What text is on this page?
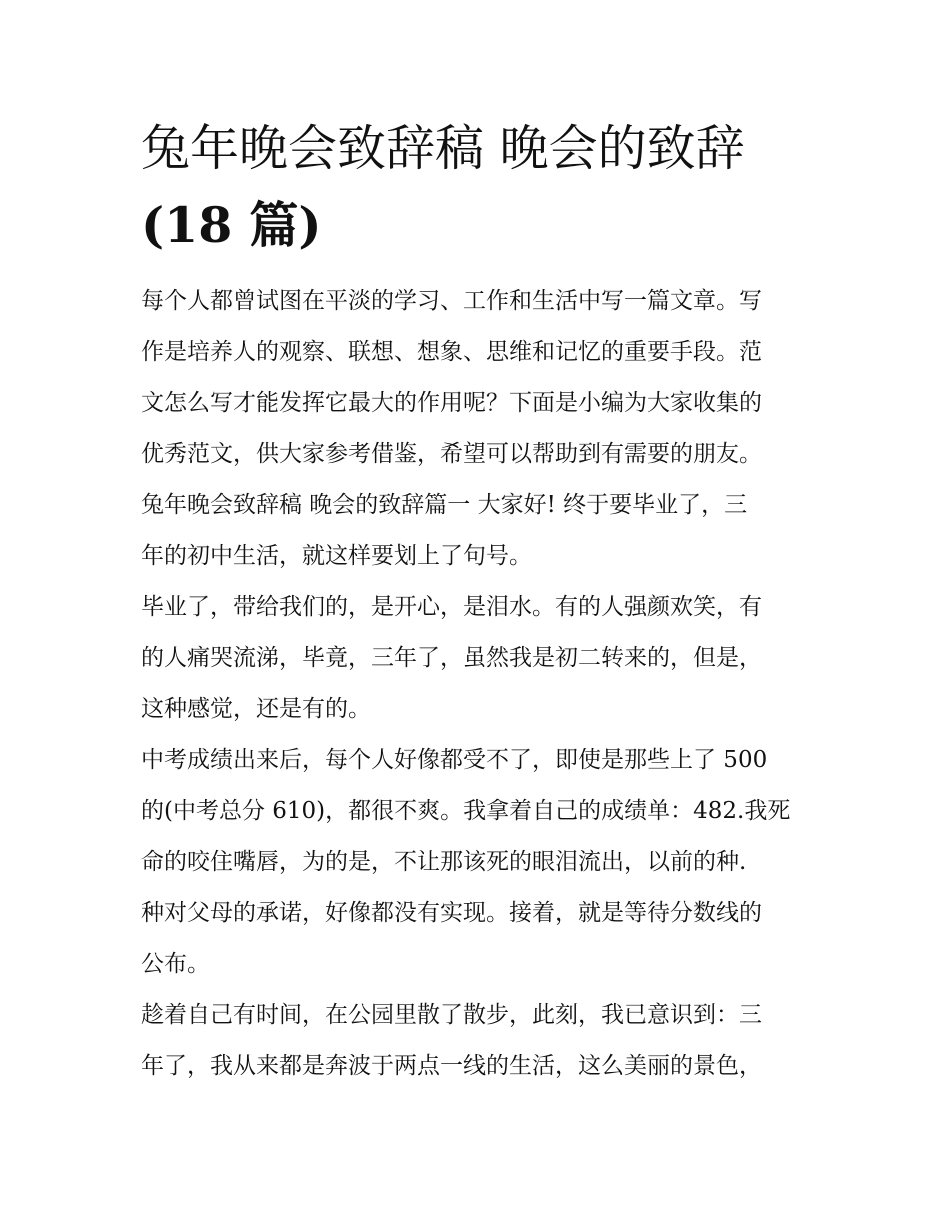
兔年晚会致辞稿 晚会的致辞
(18 篇)

每个人都曾试图在平淡的学习、工作和生活中写一篇文章。写
作是培养人的观察、联想、想象、思维和记忆的重要手段。范
文怎么写才能发挥它最大的作用呢？下面是小编为大家收集的
优秀范文，供大家参考借鉴，希望可以帮助到有需要的朋友。
兔年晚会致辞稿 晚会的致辞篇一 大家好! 终于要毕业了，三
年的初中生活，就这样要划上了句号。

毕业了，带给我们的，是开心，是泪水。有的人强颜欢笑，有
的人痛哭流涕，毕竟，三年了，虽然我是初二转来的，但是，
这种感觉，还是有的。

中考成绩出来后，每个人好像都受不了，即使是那些上了 500
的(中考总分 610)，都很不爽。我拿着自己的成绩单：482.我死
命的咬住嘴唇，为的是，不让那该死的眼泪流出，以前的种.
种对父母的承诺，好像都没有实现。接着，就是等待分数线的
公布。

趁着自己有时间，在公园里散了散步，此刻，我已意识到：三
年了，我从来都是奔波于两点一线的生活，这么美丽的景色，
